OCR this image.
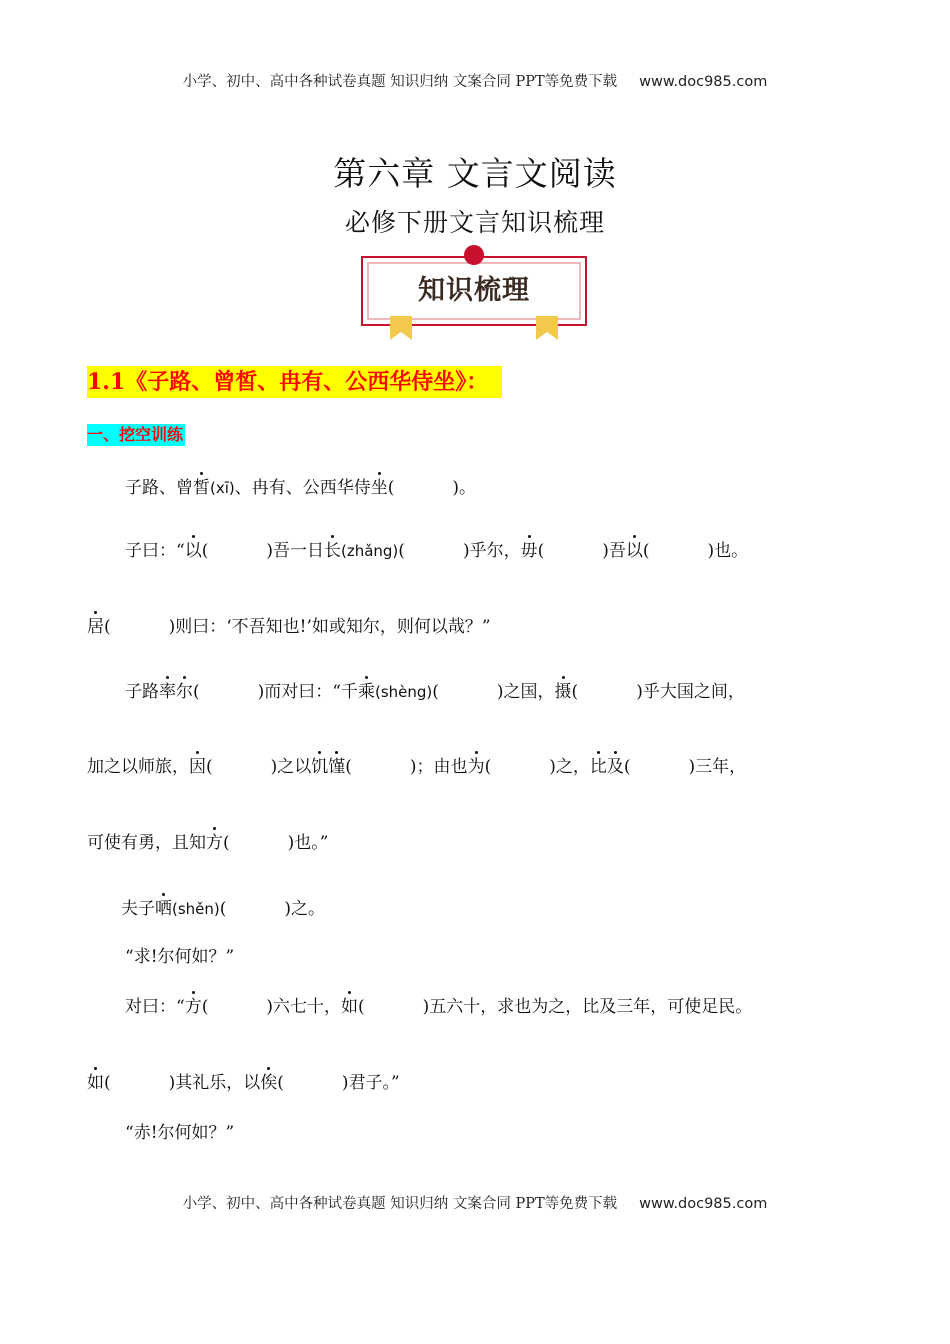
小学、初中、高中各种试卷真题 知识归纳 文案合同 PPT等免费下载 www.doc985.com
第六章 文言文阅读
必修下册文言知识梳理
知识梳理
1.1《子路、曾皙、冉有、公西华侍坐》：
一、挖空训练
子路、曾皙(xī)、冉有、公西华侍坐(	)。
子曰：“以(	)吾一日长(zhǎng)(	)乎尔，毋(	)吾以(	)也。
居(	)则曰：‘不吾知也!’如或知尔，则何以哉？”
子路率尔(	)而对曰：“千乘(shèng)(	)之国，摄(	)乎大国之间，
加之以师旅，因(	)之以饥馑(	)；由也为(	)之，比及(	)三年，
可使有勇，且知方(	)也。”
夫子哂(shěn)(	)之。
“求!尔何如？”
对曰：“方(	)六七十，如(	)五六十，求也为之，比及三年，可使足民。
如(	)其礼乐，以俟(	)君子。”
“赤!尔何如？”
小学、初中、高中各种试卷真题 知识归纳 文案合同 PPT等免费下载 www.doc985.com
